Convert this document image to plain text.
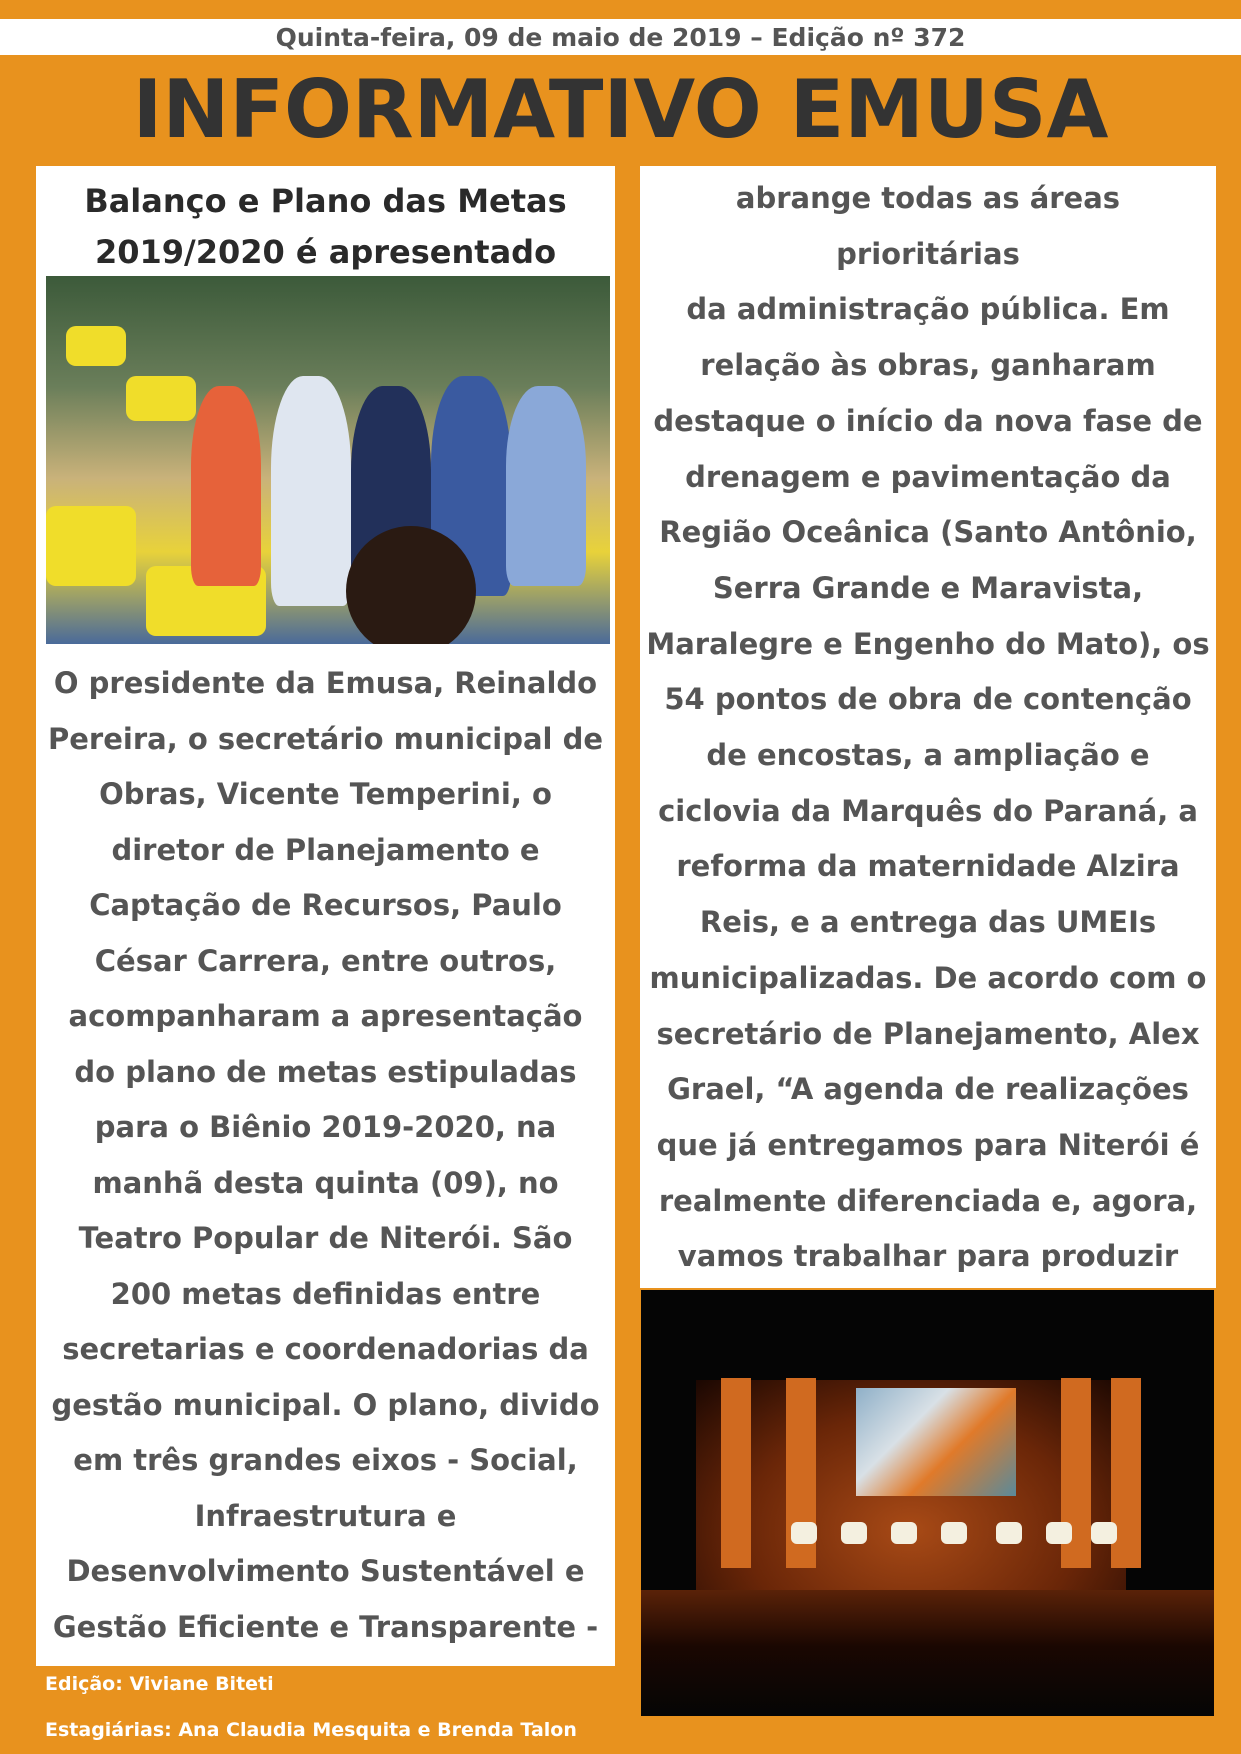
Quinta-feira, 09 de maio de 2019 – Edição nº 372
INFORMATIVO EMUSA
Balanço e Plano das Metas
2019/2020 é apresentado
O presidente da Emusa, Reinaldo
Pereira, o secretário municipal de
Obras, Vicente Temperini, o
diretor de Planejamento e
Captação de Recursos, Paulo
César Carrera, entre outros,
acompanharam a apresentação
do plano de metas estipuladas
para o Biênio 2019-2020, na
manhã desta quinta (09), no
Teatro Popular de Niterói. São
200 metas definidas entre
secretarias e coordenadorias da
gestão municipal. O plano, divido
em três grandes eixos - Social,
Infraestrutura e
Desenvolvimento Sustentável e
Gestão Eficiente e Transparente -
abrange todas as áreas prioritárias
da administração pública. Em
relação às obras, ganharam
destaque o início da nova fase de
drenagem e pavimentação da
Região Oceânica (Santo Antônio,
Serra Grande e Maravista,
Maralegre e Engenho do Mato), os
54 pontos de obra de contenção
de encostas, a ampliação e
ciclovia da Marquês do Paraná, a
reforma da maternidade Alzira
Reis, e a entrega das UMEIs
municipalizadas. De acordo com o
secretário de Planejamento, Alex
Grael, “A agenda de realizações
que já entregamos para Niterói é
realmente diferenciada e, agora,
vamos trabalhar para produzir
Edição: Viviane Biteti
Estagiárias: Ana Claudia Mesquita e Brenda Talon
